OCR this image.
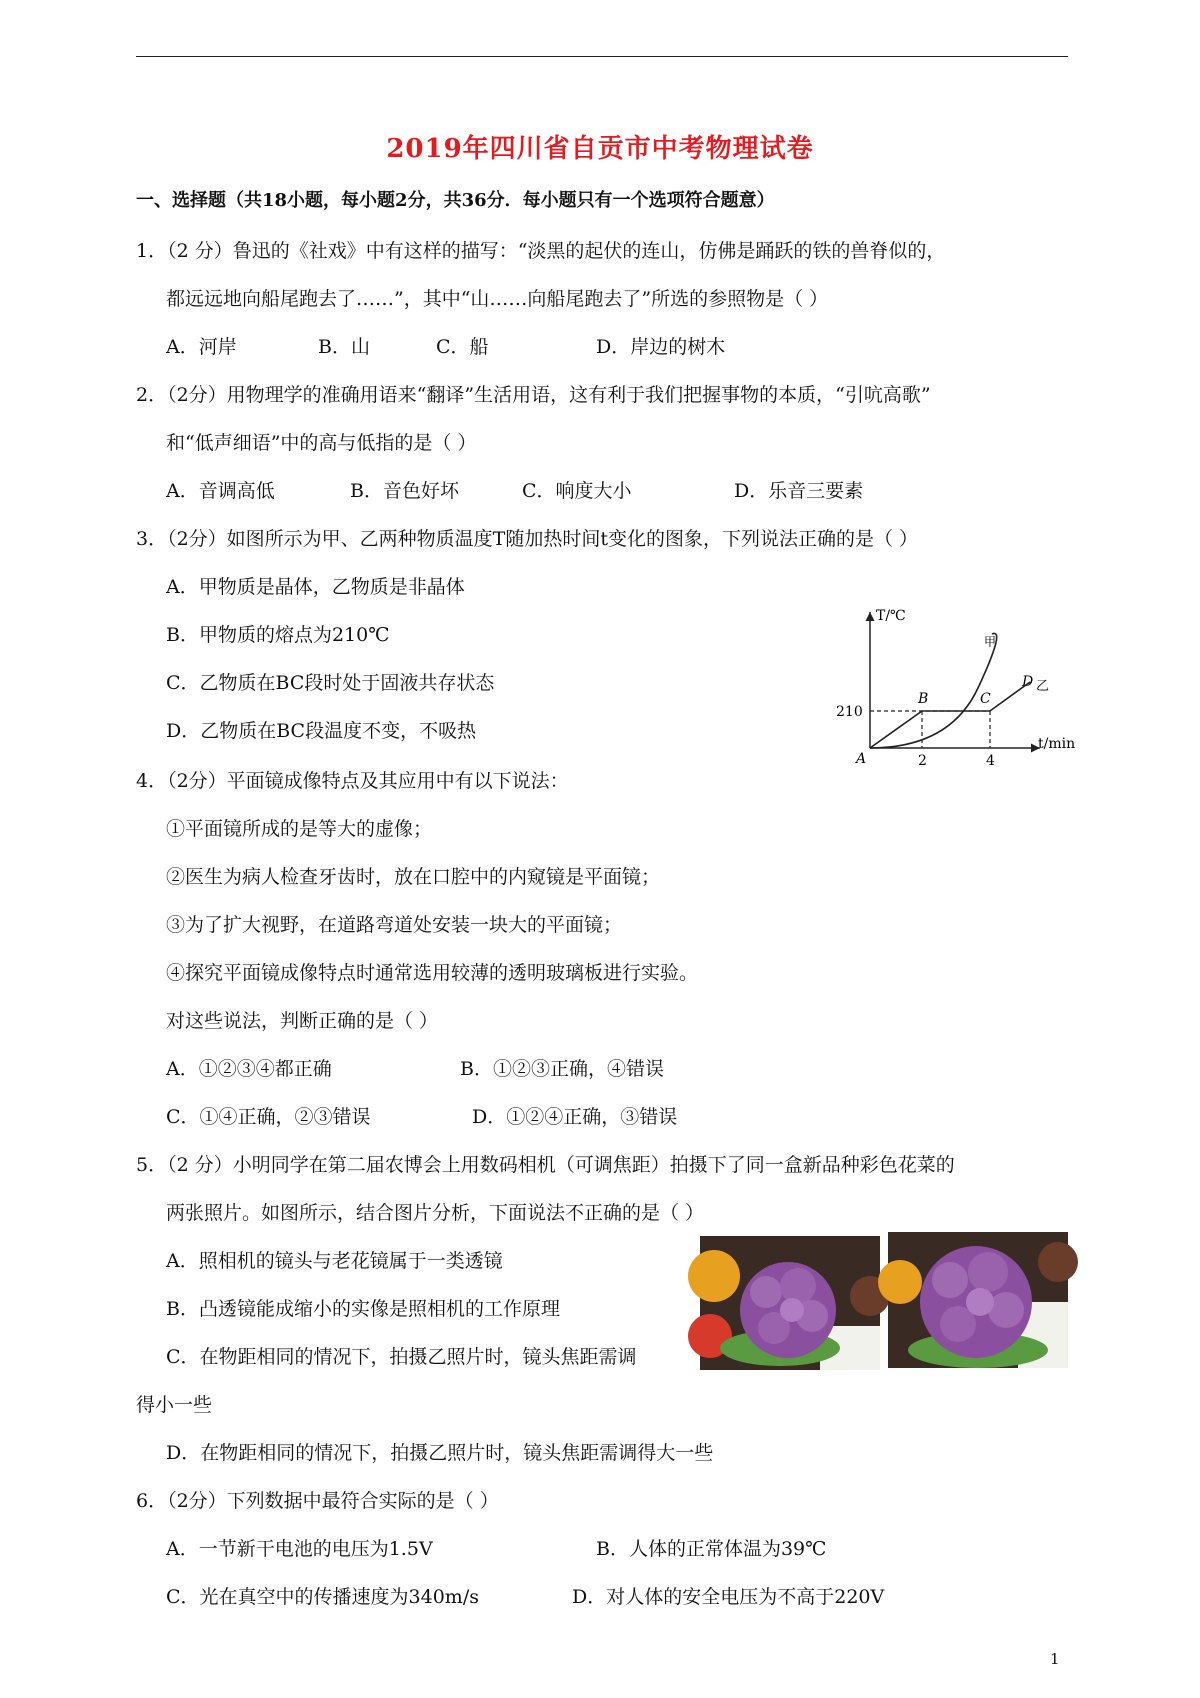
2019年四川省自贡市中考物理试卷
一、选择题（共18小题，每小题2分，共36分．每小题只有一个选项符合题意）
1．（2 分）鲁迅的《社戏》中有这样的描写：“淡黑的起伏的连山，仿佛是踊跃的铁的兽脊似的，
都远远地向船尾跑去了……”，其中“山……向船尾跑去了”所选的参照物是（ ）
A．河岸	B．山	C．船	D．岸边的树木
2．（2分）用物理学的准确用语来“翻译”生活用语，这有利于我们把握事物的本质，“引吭高歌”
和“低声细语”中的高与低指的是（ ）
A．音调高低	B．音色好坏	C．响度大小	D．乐音三要素
3．（2分）如图所示为甲、乙两种物质温度T随加热时间t变化的图象，下列说法正确的是（ ）
A．甲物质是晶体，乙物质是非晶体
B．甲物质的熔点为210℃
C．乙物质在BC段时处于固液共存状态
D．乙物质在BC段温度不变，不吸热
T/℃
t/min
210
2	4
A
B	C
D
甲
乙
4．（2分）平面镜成像特点及其应用中有以下说法：
①平面镜所成的是等大的虚像；
②医生为病人检查牙齿时，放在口腔中的内窥镜是平面镜；
③为了扩大视野，在道路弯道处安装一块大的平面镜；
④探究平面镜成像特点时通常选用较薄的透明玻璃板进行实验。
对这些说法，判断正确的是（ ）
A．①②③④都正确	B．①②③正确，④错误
C．①④正确，②③错误	D．①②④正确，③错误
5．（2 分）小明同学在第二届农博会上用数码相机（可调焦距）拍摄下了同一盒新品种彩色花菜的
两张照片。如图所示，结合图片分析，下面说法不正确的是（ ）
A．照相机的镜头与老花镜属于一类透镜
B．凸透镜能成缩小的实像是照相机的工作原理
C．在物距相同的情况下，拍摄乙照片时，镜头焦距需调
得小一些
D．在物距相同的情况下，拍摄乙照片时，镜头焦距需调得大一些
6．（2分）下列数据中最符合实际的是（ ）
A．一节新干电池的电压为1.5V	B．人体的正常体温为39℃
C．光在真空中的传播速度为340m/s	D．对人体的安全电压为不高于220V
1
